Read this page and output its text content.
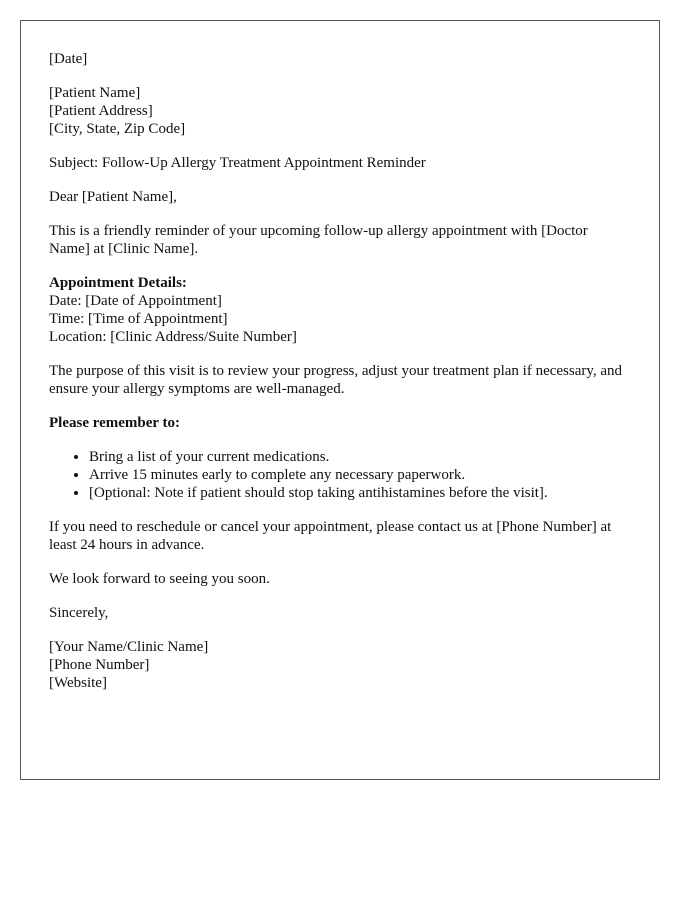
[Date]

[Patient Name]
[Patient Address]
[City, State, Zip Code]

Subject: Follow-Up Allergy Treatment Appointment Reminder

Dear [Patient Name],

This is a friendly reminder of your upcoming follow-up allergy appointment with [Doctor Name] at [Clinic Name].

Appointment Details:
Date: [Date of Appointment]
Time: [Time of Appointment]
Location: [Clinic Address/Suite Number]

The purpose of this visit is to review your progress, adjust your treatment plan if necessary, and ensure your allergy symptoms are well-managed.

Please remember to:

• Bring a list of your current medications.
• Arrive 15 minutes early to complete any necessary paperwork.
• [Optional: Note if patient should stop taking antihistamines before the visit].

If you need to reschedule or cancel your appointment, please contact us at [Phone Number] at least 24 hours in advance.

We look forward to seeing you soon.

Sincerely,

[Your Name/Clinic Name]
[Phone Number]
[Website]
